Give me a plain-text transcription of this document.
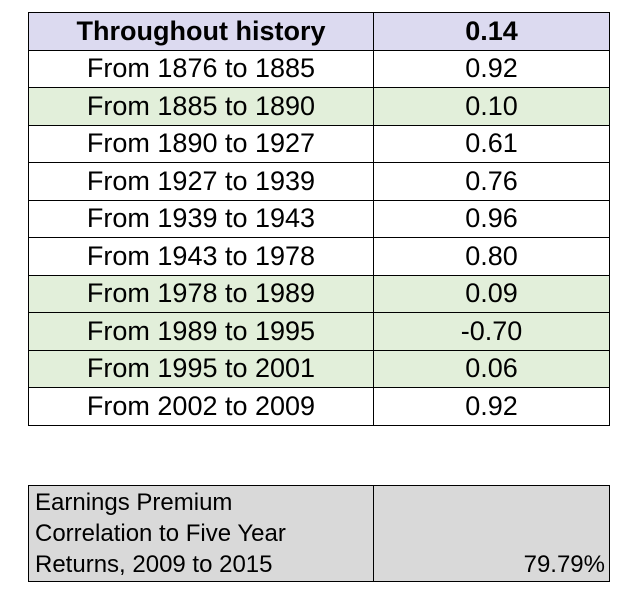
Throughout history	0.14
From 1876 to 1885	0.92
From 1885 to 1890	0.10
From 1890 to 1927	0.61
From 1927 to 1939	0.76
From 1939 to 1943	0.96
From 1943 to 1978	0.80
From 1978 to 1989	0.09
From 1989 to 1995	-0.70
From 1995 to 2001	0.06
From 2002 to 2009	0.92
Earnings Premium
Correlation to Five Year
Returns, 2009 to 2015	79.79%
